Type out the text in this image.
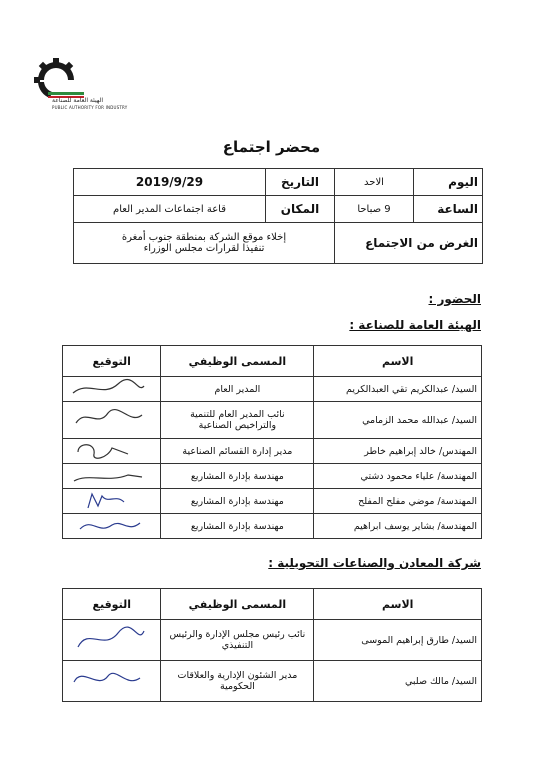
الهيئة العامة للصناعة
PUBLIC AUTHORITY FOR INDUSTRY
محضر اجتماع
اليوم	الاحد	التاريخ	2019/9/29
الساعة	9 صباحا	المكان	قاعة اجتماعات المدير العام
الغرض من الاجتماع		إخلاء موقع الشركة بمنطقة جنوب أمغرة
تنفيذا لقرارات مجلس الوزراء	
الحضور :
الهيئة العامة للصناعة :
الاسم	المسمى الوظيفي	التوقيع
السيد/ عبدالكريم تقي العبدالكريم	المدير العام

السيد/ عبدالله محمد الزمامي	نائب المدير العام للتنمية
والتراخيص الصناعية

المهندس/ خالد إبراهيم خاطر	مدير إدارة القسائم الصناعية

المهندسة/ علياء محمود دشتي	مهندسة بإدارة المشاريع

المهندسة/ موضي مفلح المفلح	مهندسة بإدارة المشاريع

المهندسة/ بشاير يوسف ابراهيم	مهندسة بإدارة المشاريع

شركة المعادن والصناعات التحويلية :
الاسم	المسمى الوظيفي	التوقيع
السيد/ طارق إبراهيم الموسى	نائب رئيس مجلس الإدارة والرئيس
التنفيذي

السيد/ مالك صلبي	مدير الشئون الإدارية والعلاقات
الحكومية
